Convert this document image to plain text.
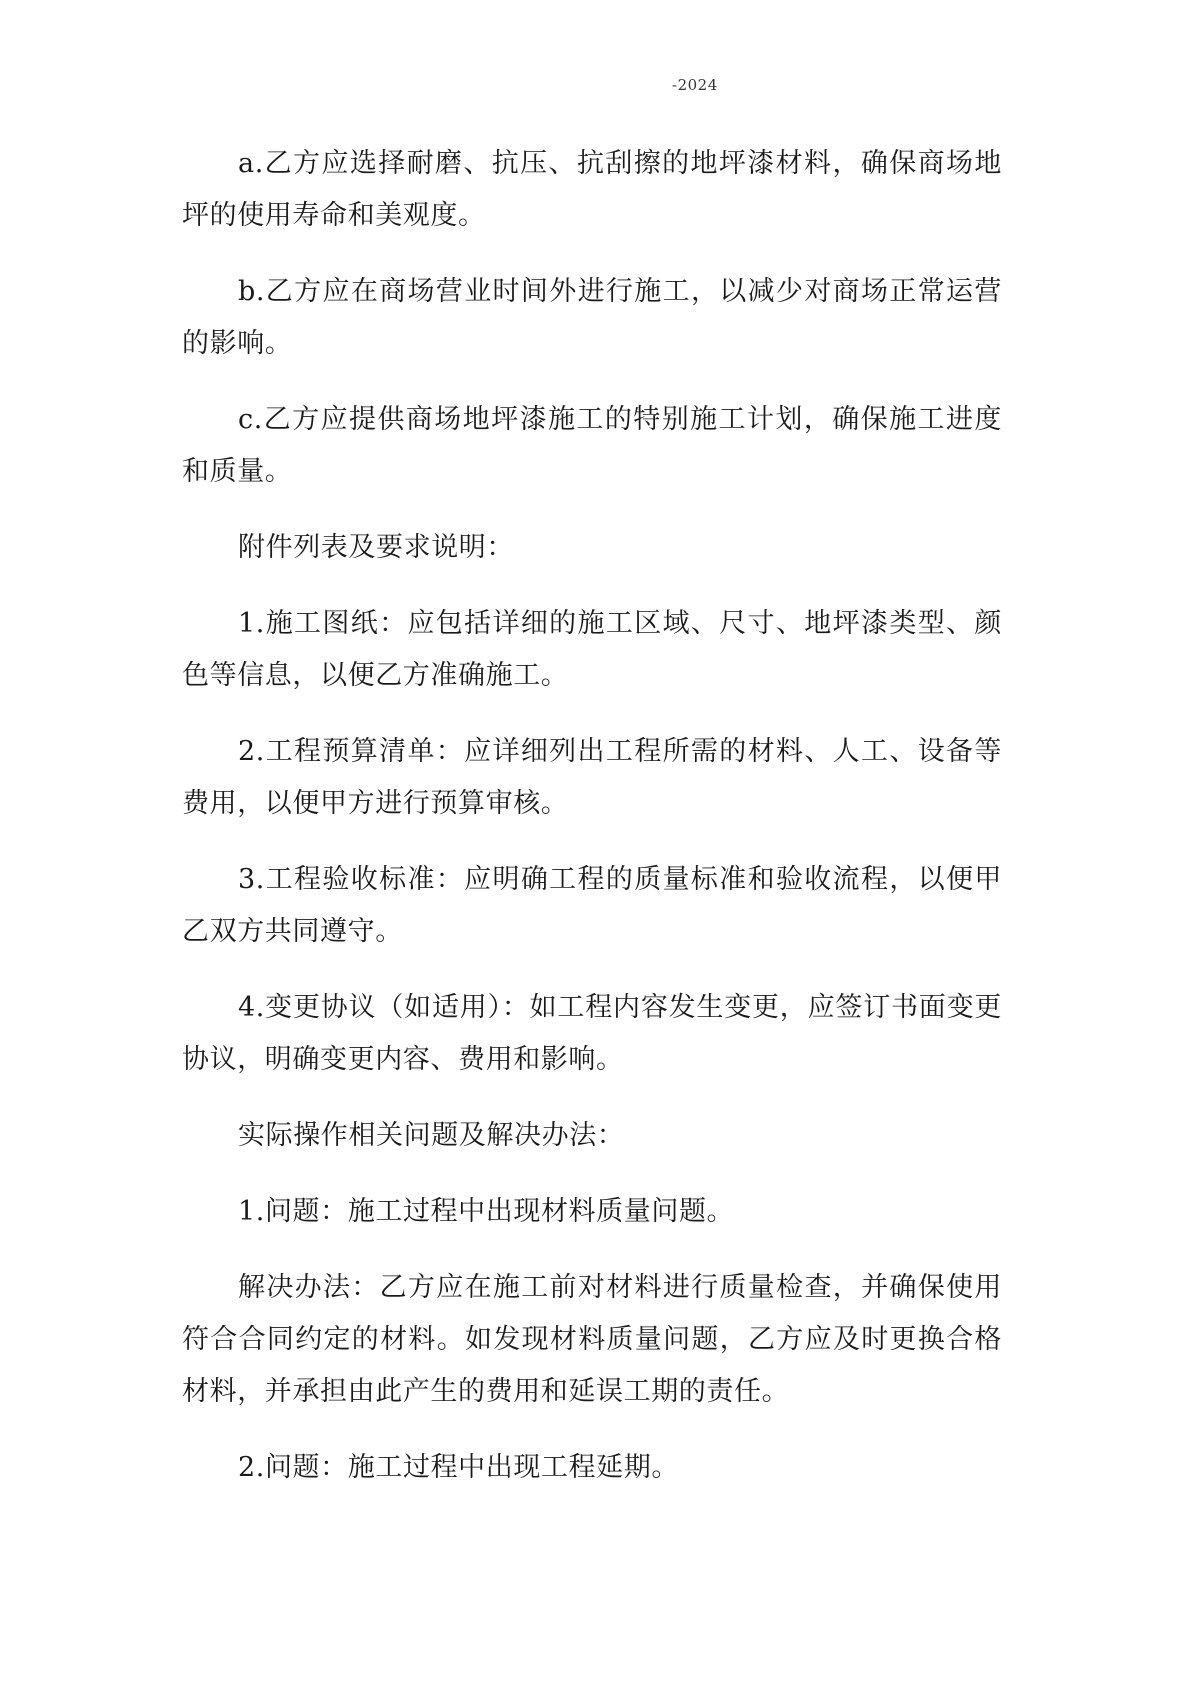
-2024

a.乙方应选择耐磨、抗压、抗刮擦的地坪漆材料，确保商场地坪的使用寿命和美观度。

b.乙方应在商场营业时间外进行施工，以减少对商场正常运营的影响。

c.乙方应提供商场地坪漆施工的特别施工计划，确保施工进度和质量。

附件列表及要求说明：

1.施工图纸：应包括详细的施工区域、尺寸、地坪漆类型、颜色等信息，以便乙方准确施工。

2.工程预算清单：应详细列出工程所需的材料、人工、设备等费用，以便甲方进行预算审核。

3.工程验收标准：应明确工程的质量标准和验收流程，以便甲乙双方共同遵守。

4.变更协议（如适用）：如工程内容发生变更，应签订书面变更协议，明确变更内容、费用和影响。

实际操作相关问题及解决办法：

1.问题：施工过程中出现材料质量问题。

解决办法：乙方应在施工前对材料进行质量检查，并确保使用符合合同约定的材料。如发现材料质量问题，乙方应及时更换合格材料，并承担由此产生的费用和延误工期的责任。

2.问题：施工过程中出现工程延期。
